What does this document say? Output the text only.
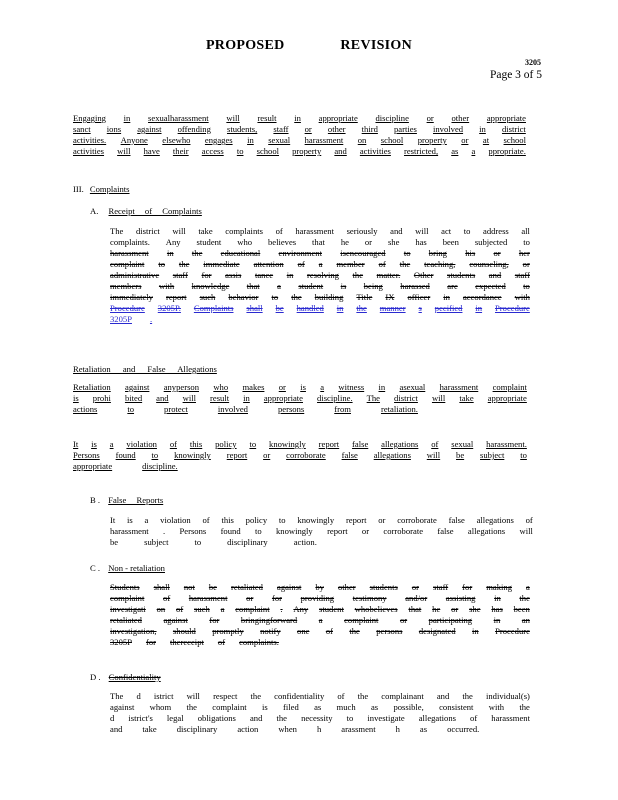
PROPOSED	REVISION
3205
Page 3 of 5
Engaging in sexualharassment will result in appropriate discipline or other appropriate
sanct ions against offending students, staff or other third parties involved in district
activities. Anyone elsewho engages in sexual harassment on school property or at school
activities will have their access to school property and activities restricted, as a ppropriate.
III. Complaints
A. Receipt of Complaints
The district will take complaints of harassment seriously and will act to address all
complaints. Any student who believes that he or she has been subjected to
harassment in the educational environment isencouraged to bring his or her
complaint to the immediate attention of a member of the teaching, counseling, or
administrative staff for assis tance in resolving the matter. Other students and staff
members with knowledge that a student is being harassed are expected to
immediately report such behavior to the building Title IX officer in accordance with
Procedure 3205P. Complaints shall be handled in the manner s pecified in Procedure
3205P .
Retaliation and False Allegations
Retaliation against anyperson who makes or is a witness in asexual harassment complaint
is prohi bited and will result in appropriate discipline. The district will take appropriate
actions	to	protect	involved	persons	from	retaliation.
It is a violation of this policy to knowingly report false allegations of sexual harassment.
Persons found to knowingly report or corroborate false allegations will be subject to
appropriate	discipline.
B . False Reports
It is a violation of this policy to knowingly report or corroborate false allegations of
harassment . Persons found to knowingly report or corroborate false allegations will
be	subject	to	disciplinary	action.
C . Non - retaliation
Students shall not be retaliated against by other students or staff for making a
complaint of harassment or for providing testimony and/or assisting in the
investigati on of such a complaint . Any student whobelieves that he or she has been
retaliated	against	for	bringingforward	a	complaint	or	participating	in	an
investigation, should promptly notify one of the persons designated in Procedure
3205P for thereceipt of complaints.
D . Confidentiality
The d istrict will respect the confidentiality of the complainant and the individual(s)
against whom the complaint is filed as much as possible, consistent with the
d istrict's legal obligations and the necessity to investigate allegations of harassment
and take disciplinary action when h arassment h as occurred.
